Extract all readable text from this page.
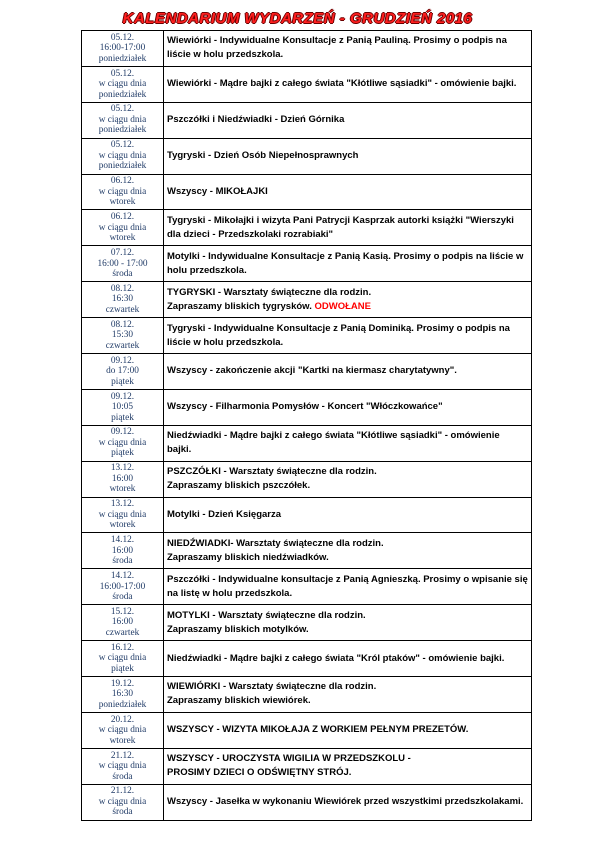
KALENDARIUM WYDARZEŃ - GRUDZIEŃ 2016
05.12.
16:00-17:00
poniedziałek	Wiewiórki - Indywidualne Konsultacje z Panią Pauliną. Prosimy o podpis na
liście w holu przedszkola.

05.12.
w ciągu dnia
poniedziałek	Wiewiórki - Mądre bajki z całego świata "Kłótliwe sąsiadki" - omówienie bajki.

05.12.
w ciągu dnia
poniedziałek	Pszczółki i Niedźwiadki - Dzień Górnika

05.12.
w ciągu dnia
poniedziałek	Tygryski - Dzień Osób Niepełnosprawnych

06.12.
w ciągu dnia
wtorek	Wszyscy - MIKOŁAJKI

06.12.
w ciągu dnia
wtorek	Tygryski - Mikołajki i wizyta Pani Patrycji Kasprzak autorki książki "Wierszyki
dla dzieci - Przedszkolaki rozrabiaki"

07.12.
16:00 - 17:00
środa	Motylki - Indywidualne Konsultacje z Panią Kasią. Prosimy o podpis na liście w
holu przedszkola.

08.12.
16:30
czwartek	TYGRYSKI - Warsztaty świąteczne dla rodzin.
Zapraszamy bliskich tygrysków. ODWOŁANE

08.12.
15:30
czwartek	Tygryski - Indywidualne Konsultacje z Panią Dominiką. Prosimy o podpis na
liście w holu przedszkola.

09.12.
do 17:00
piątek	Wszyscy - zakończenie akcji "Kartki na kiermasz charytatywny".

09.12.
10:05
piątek	Wszyscy - Filharmonia Pomysłów - Koncert "Włóczkowańce"

09.12.
w ciągu dnia
piątek	Niedźwiadki - Mądre bajki z całego świata "Kłótliwe sąsiadki" - omówienie
bajki.

13.12.
16:00
wtorek	PSZCZÓŁKI - Warsztaty świąteczne dla rodzin.
Zapraszamy bliskich pszczółek.

13.12.
w ciągu dnia
wtorek	Motylki - Dzień Księgarza

14.12.
16:00
środa	NIEDŹWIADKI- Warsztaty świąteczne dla rodzin.
Zapraszamy bliskich niedźwiadków.

14.12.
16:00-17:00
środa	Pszczółki - Indywidualne konsultacje z Panią Agnieszką. Prosimy o wpisanie się
na listę w holu przedszkola.

15.12.
16:00
czwartek	MOTYLKI - Warsztaty świąteczne dla rodzin.
Zapraszamy bliskich motylków.

16.12.
w ciągu dnia
piątek	Niedźwiadki - Mądre bajki z całego świata "Król ptaków" - omówienie bajki.

19.12.
16:30
poniedziałek	WIEWIÓRKI - Warsztaty świąteczne dla rodzin.
Zapraszamy bliskich wiewiórek.

20.12.
w ciągu dnia
wtorek	WSZYSCY - WIZYTA MIKOŁAJA Z WORKIEM PEŁNYM PREZETÓW.

21.12.
w ciągu dnia
środa	WSZYSCY - UROCZYSTA WIGILIA W PRZEDSZKOLU -
PROSIMY DZIECI O ODŚWIĘTNY STRÓJ.

21.12.
w ciągu dnia
środa	Wszyscy - Jasełka w wykonaniu Wiewiórek przed wszystkimi przedszkolakami.
